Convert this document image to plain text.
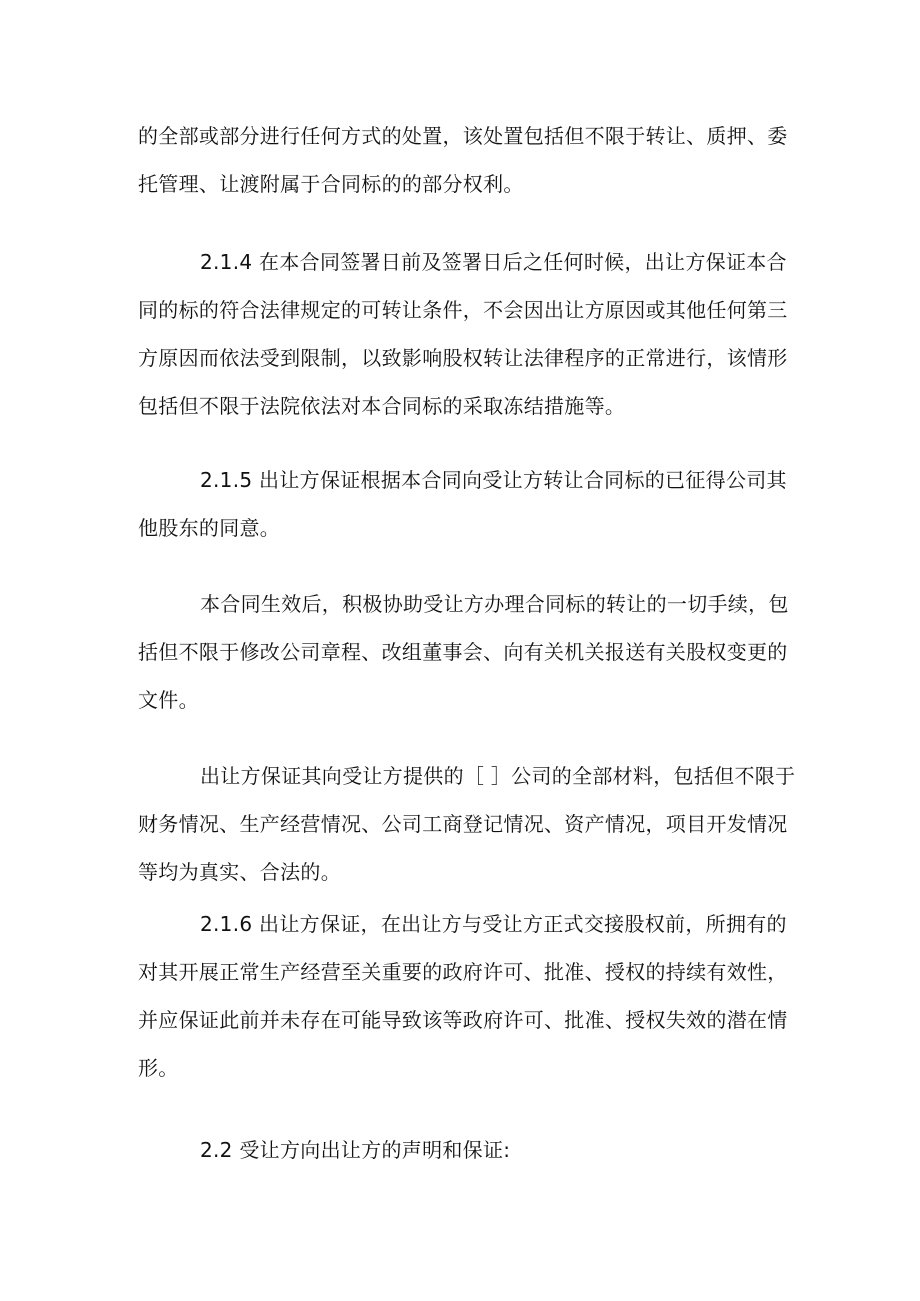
的全部或部分进行任何方式的处置，该处置包括但不限于转让、质押、委
托管理、让渡附属于合同标的的部分权利。
2.1.4 在本合同签署日前及签署日后之任何时候，出让方保证本合
同的标的符合法律规定的可转让条件，不会因出让方原因或其他任何第三
方原因而依法受到限制，以致影响股权转让法律程序的正常进行，该情形
包括但不限于法院依法对本合同标的采取冻结措施等。
2.1.5 出让方保证根据本合同向受让方转让合同标的已征得公司其
他股东的同意。
本合同生效后，积极协助受让方办理合同标的转让的一切手续，包
括但不限于修改公司章程、改组董事会、向有关机关报送有关股权变更的
文件。
出让方保证其向受让方提供的［ ］公司的全部材料，包括但不限于
财务情况、生产经营情况、公司工商登记情况、资产情况，项目开发情况
等均为真实、合法的。
2.1.6 出让方保证，在出让方与受让方正式交接股权前，所拥有的
对其开展正常生产经营至关重要的政府许可、批准、授权的持续有效性，
并应保证此前并未存在可能导致该等政府许可、批准、授权失效的潜在情
形。
2.2 受让方向出让方的声明和保证:
